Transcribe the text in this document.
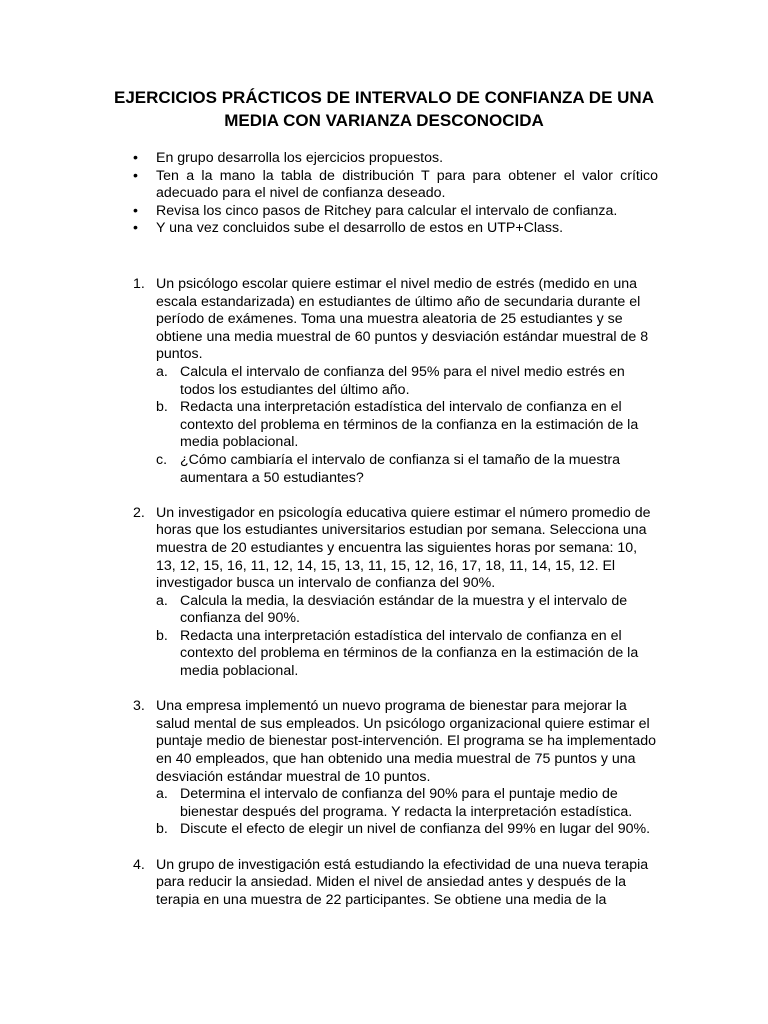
EJERCICIOS PRÁCTICOS DE INTERVALO DE CONFIANZA DE UNA MEDIA CON VARIANZA DESCONOCIDA
• En grupo desarrolla los ejercicios propuestos.
• Ten a la mano la tabla de distribución T para para obtener el valor crítico adecuado para el nivel de confianza deseado.
• Revisa los cinco pasos de Ritchey para calcular el intervalo de confianza.
• Y una vez concluidos sube el desarrollo de estos en UTP+Class.
1. Un psicólogo escolar quiere estimar el nivel medio de estrés (medido en una escala estandarizada) en estudiantes de último año de secundaria durante el período de exámenes. Toma una muestra aleatoria de 25 estudiantes y se obtiene una media muestral de 60 puntos y desviación estándar muestral de 8 puntos.
a. Calcula el intervalo de confianza del 95% para el nivel medio estrés en todos los estudiantes del último año.
b. Redacta una interpretación estadística del intervalo de confianza en el contexto del problema en términos de la confianza en la estimación de la media poblacional.
c. ¿Cómo cambiaría el intervalo de confianza si el tamaño de la muestra aumentara a 50 estudiantes?
2. Un investigador en psicología educativa quiere estimar el número promedio de horas que los estudiantes universitarios estudian por semana. Selecciona una muestra de 20 estudiantes y encuentra las siguientes horas por semana: 10, 13, 12, 15, 16, 11, 12, 14, 15, 13, 11, 15, 12, 16, 17, 18, 11, 14, 15, 12. El investigador busca un intervalo de confianza del 90%.
a. Calcula la media, la desviación estándar de la muestra y el intervalo de confianza del 90%.
b. Redacta una interpretación estadística del intervalo de confianza en el contexto del problema en términos de la confianza en la estimación de la media poblacional.
3. Una empresa implementó un nuevo programa de bienestar para mejorar la salud mental de sus empleados. Un psicólogo organizacional quiere estimar el puntaje medio de bienestar post-intervención. El programa se ha implementado en 40 empleados, que han obtenido una media muestral de 75 puntos y una desviación estándar muestral de 10 puntos.
a. Determina el intervalo de confianza del 90% para el puntaje medio de bienestar después del programa. Y redacta la interpretación estadística.
b. Discute el efecto de elegir un nivel de confianza del 99% en lugar del 90%.
4. Un grupo de investigación está estudiando la efectividad de una nueva terapia para reducir la ansiedad. Miden el nivel de ansiedad antes y después de la terapia en una muestra de 22 participantes. Se obtiene una media de la
